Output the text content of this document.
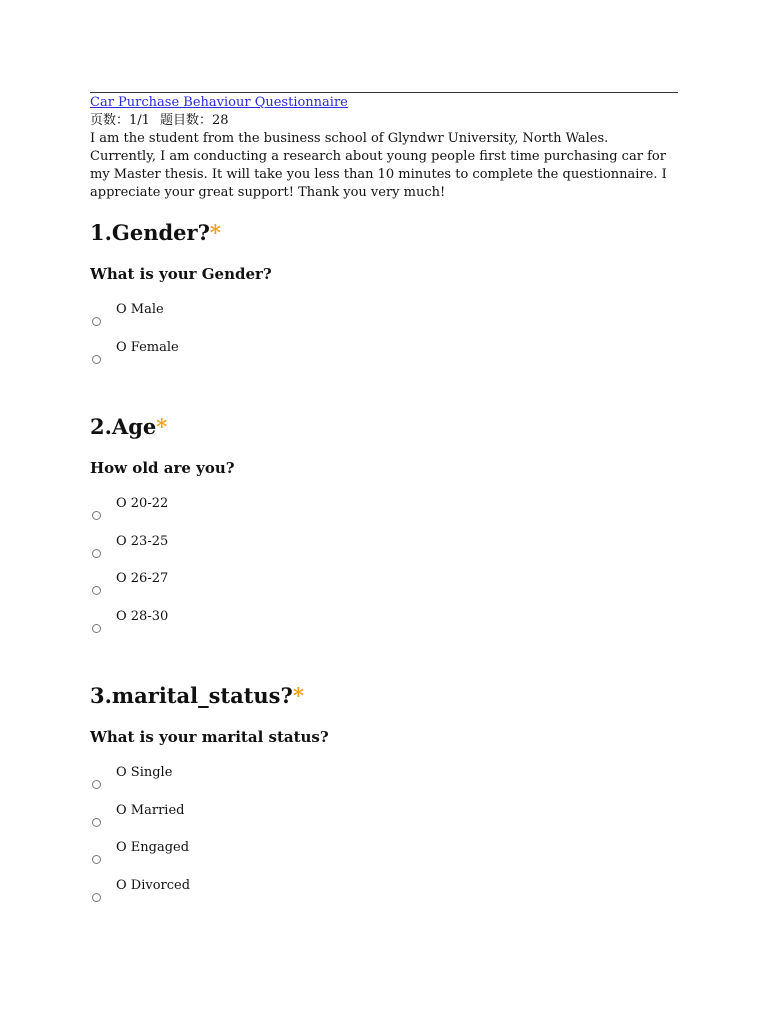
Car Purchase Behaviour Questionnaire
页数：1/1 题目数：28
I am the student from the business school of Glyndwr University, North Wales. Currently, I am conducting a research about young people first time purchasing car for my Master thesis. It will take you less than 10 minutes to complete the questionnaire. I appreciate your great support! Thank you very much!
1.Gender?*

What is your Gender?

O Male
O Female
2.Age*

How old are you?

O 20-22
O 23-25
O 26-27
O 28-30
3.marital_status?*

What is your marital status?

O Single
O Married
O Engaged
O Divorced
